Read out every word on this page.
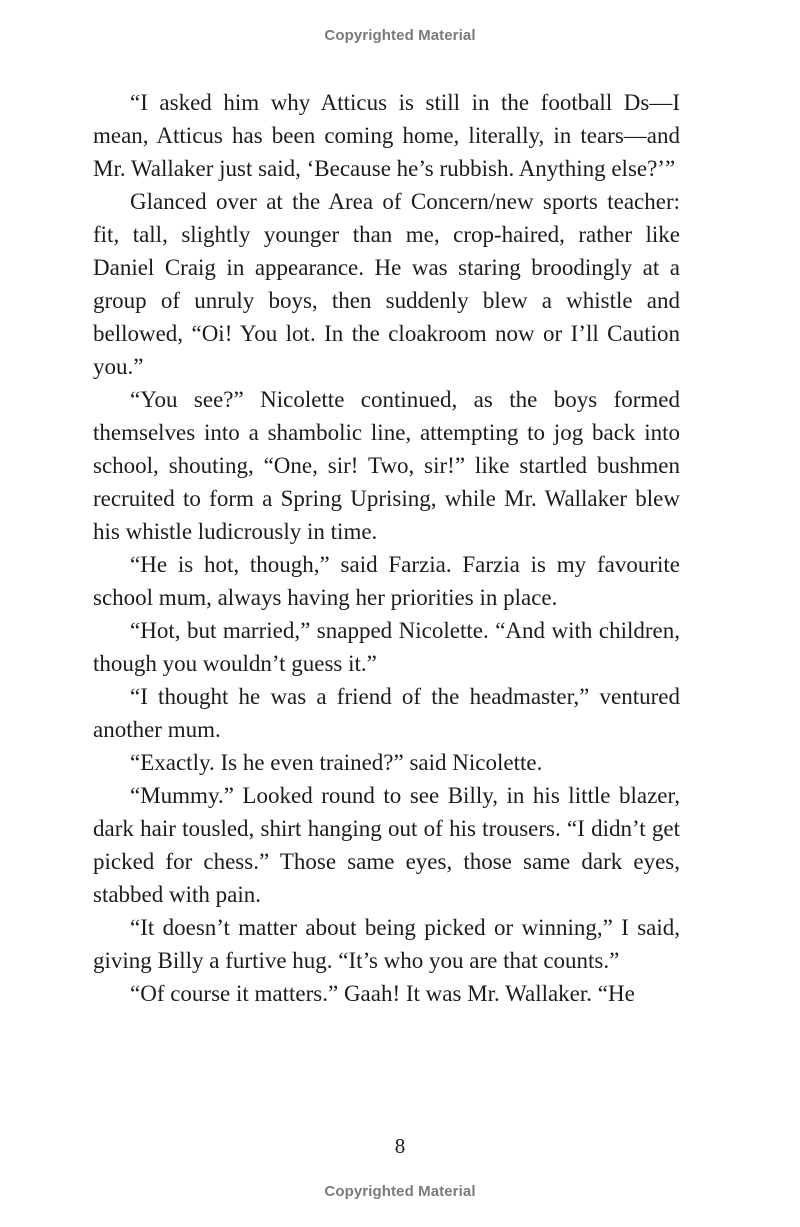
Copyrighted Material

“I asked him why Atticus is still in the football Ds—I mean, Atticus has been coming home, literally, in tears—and Mr. Wallaker just said, ‘Because he’s rubbish. Anything else?’”

Glanced over at the Area of Concern/new sports teacher: fit, tall, slightly younger than me, crop-haired, rather like Daniel Craig in appearance. He was staring broodingly at a group of unruly boys, then suddenly blew a whistle and bellowed, “Oi! You lot. In the cloakroom now or I’ll Caution you.”

“You see?” Nicolette continued, as the boys formed themselves into a shambolic line, attempting to jog back into school, shouting, “One, sir! Two, sir!” like startled bushmen recruited to form a Spring Uprising, while Mr. Wallaker blew his whistle ludicrously in time.

“He is hot, though,” said Farzia. Farzia is my favourite school mum, always having her priorities in place.

“Hot, but married,” snapped Nicolette. “And with children, though you wouldn’t guess it.”

“I thought he was a friend of the headmaster,” ventured another mum.

“Exactly. Is he even trained?” said Nicolette.

“Mummy.” Looked round to see Billy, in his little blazer, dark hair tousled, shirt hanging out of his trousers. “I didn’t get picked for chess.” Those same eyes, those same dark eyes, stabbed with pain.

“It doesn’t matter about being picked or winning,” I said, giving Billy a furtive hug. “It’s who you are that counts.”

“Of course it matters.” Gaah! It was Mr. Wallaker. “He

8
Copyrighted Material
